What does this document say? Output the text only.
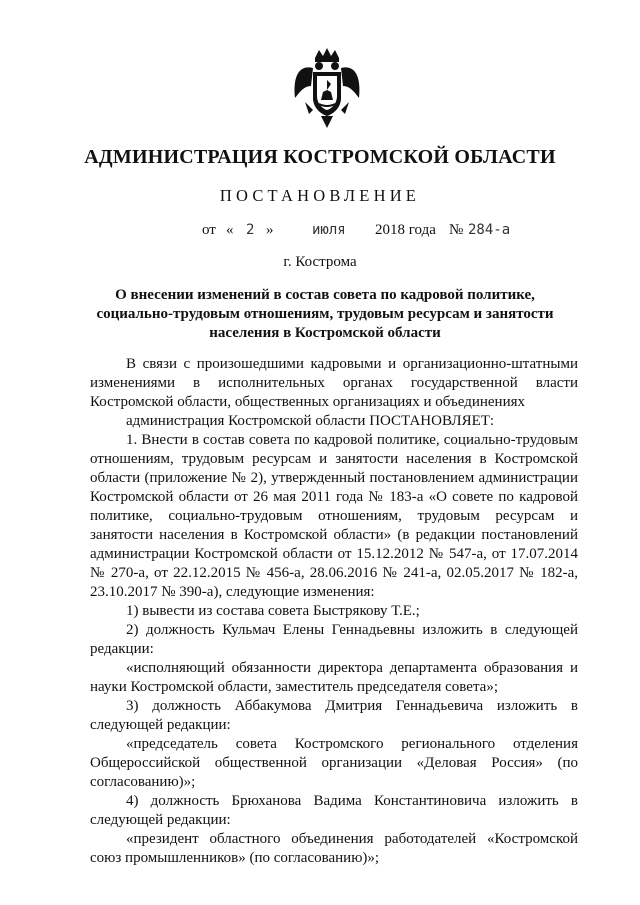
АДМИНИСТРАЦИЯ КОСТРОМСКОЙ ОБЛАСТИ
ПОСТАНОВЛЕНИЕ
от « 2 »	июля 2018 года № 284-а
г. Кострома
О внесении изменений в состав совета по кадровой политике,
социально-трудовым отношениям, трудовым ресурсам и занятости
населения в Костромской области

В связи с произошедшими кадровыми и организационно-штатными изменениями в исполнительных органах государственной власти Костромской области, общественных организациях и объединениях

администрация Костромской области ПОСТАНОВЛЯЕТ:

1. Внести в состав совета по кадровой политике, социально-трудовым отношениям, трудовым ресурсам и занятости населения в Костромской области (приложение № 2), утвержденный постановлением администрации Костромской области от 26 мая 2011 года № 183-а «О совете по кадровой политике, социально-трудовым отношениям, трудовым ресурсам и занятости населения в Костромской области» (в редакции постановлений администрации Костромской области от 15.12.2012 № 547-а, от 17.07.2014 № 270-а, от 22.12.2015 № 456-а, 28.06.2016 № 241-а, 02.05.2017 № 182-а, 23.10.2017 № 390-а), следующие изменения:

1) вывести из состава совета Быстрякову Т.Е.;

2) должность Кульмач Елены Геннадьевны изложить в следующей редакции:

«исполняющий обязанности директора департамента образования и науки Костромской области, заместитель председателя совета»;

3) должность Аббакумова Дмитрия Геннадьевича изложить в следующей редакции:

«председатель совета Костромского регионального отделения Общероссийской общественной организации «Деловая Россия» (по согласованию)»;

4) должность Брюханова Вадима Константиновича изложить в следующей редакции:

«президент областного объединения работодателей «Костромской союз промышленников» (по согласованию)»;
